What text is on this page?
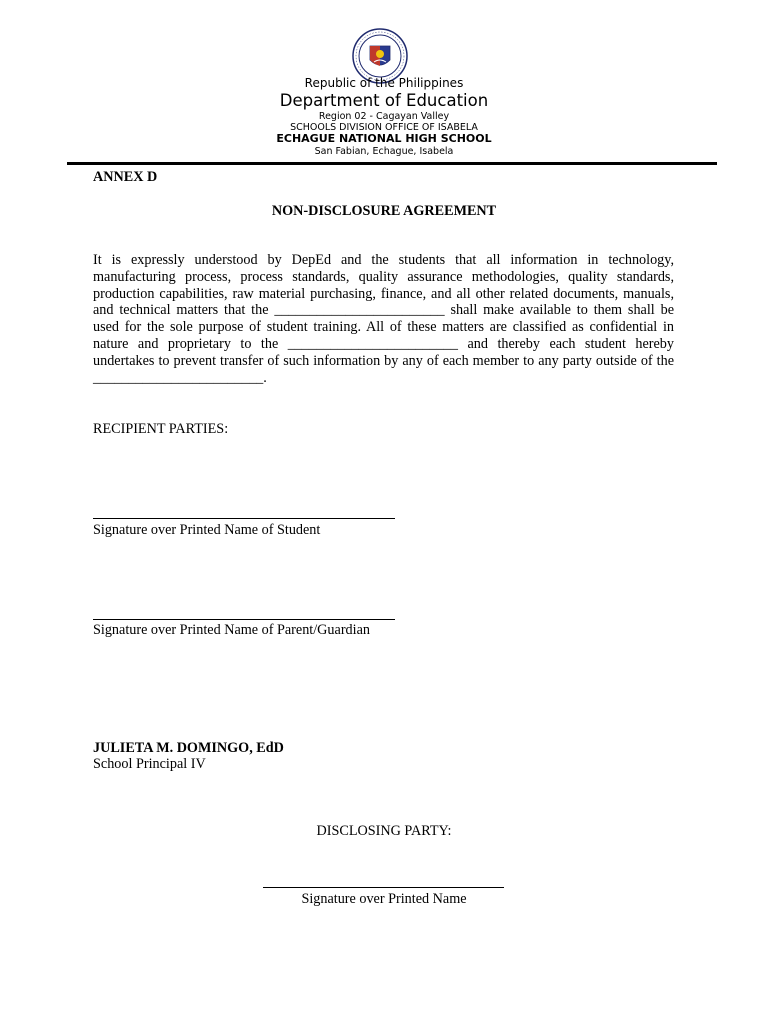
Republic of the Philippines
Department of Education
Region 02 - Cagayan Valley
SCHOOLS DIVISION OFFICE OF ISABELA
ECHAGUE NATIONAL HIGH SCHOOL
San Fabian, Echague, Isabela
ANNEX D
NON-DISCLOSURE AGREEMENT
It is expressly understood by DepEd and the students that all information in technology, manufacturing process, process standards, quality assurance methodologies, quality standards, production capabilities, raw material purchasing, finance, and all other related documents, manuals, and technical matters that the ________________________ shall make available to them shall be used for the sole purpose of student training. All of these matters are classified as confidential in nature and proprietary to the ________________________ and thereby each student hereby undertakes to prevent transfer of such information by any of each member to any party outside of the ________________________.
RECIPIENT PARTIES:
Signature over Printed Name of Student
Signature over Printed Name of Parent/Guardian
JULIETA M. DOMINGO, EdD
School Principal IV
DISCLOSING PARTY:
Signature over Printed Name
